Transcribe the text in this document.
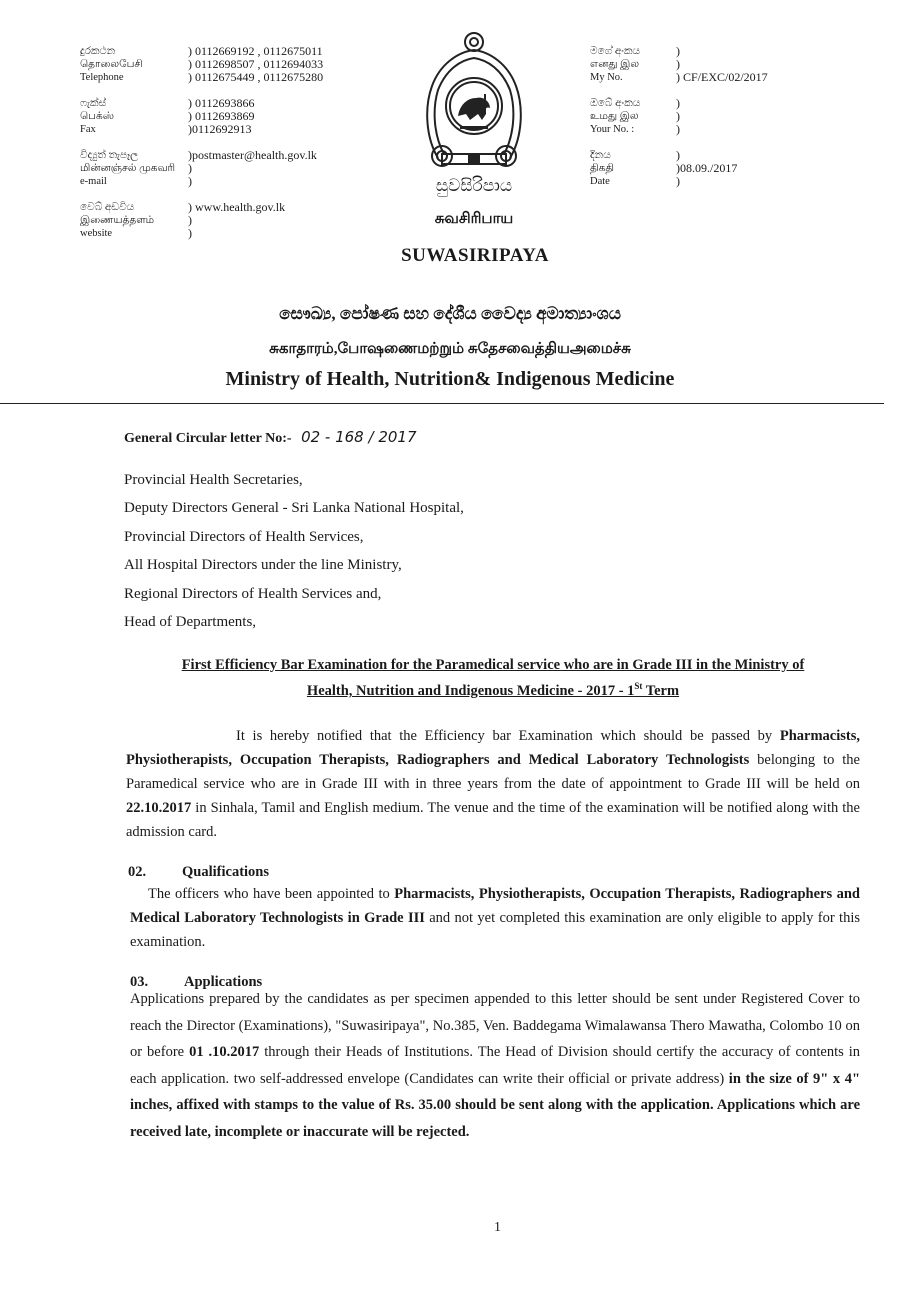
දුරකථන
தொலைபேசி
Telephone
ෆැක්ස්
பெக்ஸ்
Fax
විද්‍යුත් තැපෑල
மின்னஞ்சல் முகவரி
e-mail
වෙබ් අඩවිය
இணையத்தளம்
website
) 0112669192 , 0112675011
) 0112698507 , 0112694033
) 0112675449 , 0112675280
) 0112693866
) 0112693869
)0112692913
)postmaster@health.gov.lk
)
)
) www.health.gov.lk
)
)
මගේ අංකය
எனது இல
My No.
ඔබේ අංකය
உமது இல
Your No. :
දිනය
திகதி
Date
)
)
) CF/EXC/02/2017
)
)
)
)
)08.09./2017
)
සුවසිරිපාය
சுவசிரிபாய
SUWASIRIPAYA
සෞඛ්‍ය, පෝෂණ සහ දේශීය වෛද්‍ය අමාත්‍යාංශය
சுகாதாரம்,போஷணைமற்றும் சுதேசவைத்தியஅமைச்சு
Ministry of Health, Nutrition& Indigenous Medicine
General Circular letter No:- 02 - 168 / 2017
Provincial Health Secretaries,
Deputy Directors General - Sri Lanka National Hospital,
Provincial Directors of Health Services,
All Hospital Directors under the line Ministry,
Regional Directors of Health Services and,
Head of Departments,
First Efficiency Bar Examination for the Paramedical service who are in Grade III in the Ministry of
Health, Nutrition and Indigenous Medicine - 2017 - 1St Term
It is hereby notified that the Efficiency bar Examination which should be passed by Pharmacists, Physiotherapists, Occupation Therapists, Radiographers and Medical Laboratory Technologists belonging to the Paramedical service who are in Grade III with in three years from the date of appointment to Grade III will be held on 22.10.2017 in Sinhala, Tamil and English medium. The venue and the time of the examination will be notified along with the admission card.
02. Qualifications
The officers who have been appointed to Pharmacists, Physiotherapists, Occupation Therapists, Radiographers and Medical Laboratory Technologists in Grade III and not yet completed this examination are only eligible to apply for this examination.
03. Applications
Applications prepared by the candidates as per specimen appended to this letter should be sent under Registered Cover to reach the Director (Examinations), "Suwasiripaya", No.385, Ven. Baddegama Wimalawansa Thero Mawatha, Colombo 10 on or before 01 .10.2017 through their Heads of Institutions. The Head of Division should certify the accuracy of contents in each application. two self-addressed envelope (Candidates can write their official or private address) in the size of 9" x 4" inches, affixed with stamps to the value of Rs. 35.00 should be sent along with the application. Applications which are received late, incomplete or inaccurate will be rejected.
1
